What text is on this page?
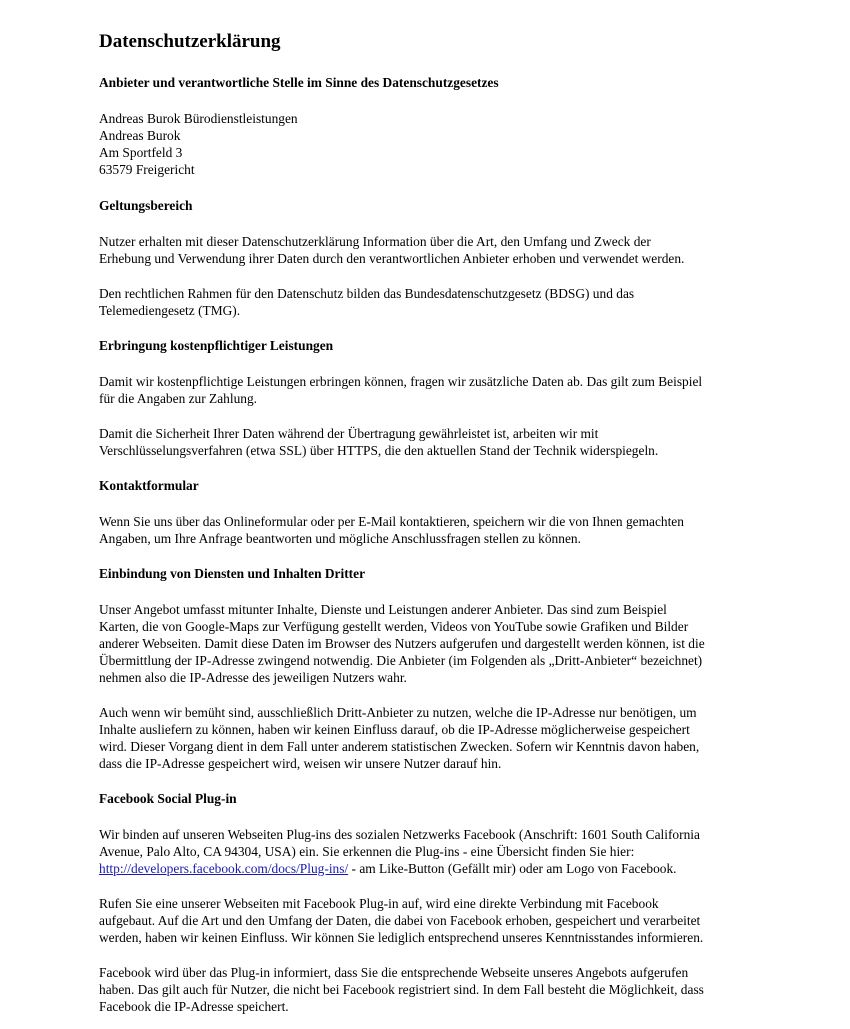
Datenschutzerklärung
Anbieter und verantwortliche Stelle im Sinne des Datenschutzgesetzes
Andreas Burok Bürodienstleistungen
Andreas Burok
Am Sportfeld 3
63579 Freigericht
Geltungsbereich

Nutzer erhalten mit dieser Datenschutzerklärung Information über die Art, den Umfang und Zweck der
Erhebung und Verwendung ihrer Daten durch den verantwortlichen Anbieter erhoben und verwendet werden.

Den rechtlichen Rahmen für den Datenschutz bilden das Bundesdatenschutzgesetz (BDSG) und das
Telemediengesetz (TMG).

Erbringung kostenpflichtiger Leistungen

Damit wir kostenpflichtige Leistungen erbringen können, fragen wir zusätzliche Daten ab. Das gilt zum Beispiel
für die Angaben zur Zahlung.

Damit die Sicherheit Ihrer Daten während der Übertragung gewährleistet ist, arbeiten wir mit
Verschlüsselungsverfahren (etwa SSL) über HTTPS, die den aktuellen Stand der Technik widerspiegeln.

Kontaktformular

Wenn Sie uns über das Onlineformular oder per E-Mail kontaktieren, speichern wir die von Ihnen gemachten
Angaben, um Ihre Anfrage beantworten und mögliche Anschlussfragen stellen zu können.

Einbindung von Diensten und Inhalten Dritter

Unser Angebot umfasst mitunter Inhalte, Dienste und Leistungen anderer Anbieter. Das sind zum Beispiel
Karten, die von Google-Maps zur Verfügung gestellt werden, Videos von YouTube sowie Grafiken und Bilder
anderer Webseiten. Damit diese Daten im Browser des Nutzers aufgerufen und dargestellt werden können, ist die
Übermittlung der IP-Adresse zwingend notwendig. Die Anbieter (im Folgenden als „Dritt-Anbieter“ bezeichnet)
nehmen also die IP-Adresse des jeweiligen Nutzers wahr.

Auch wenn wir bemüht sind, ausschließlich Dritt-Anbieter zu nutzen, welche die IP-Adresse nur benötigen, um
Inhalte ausliefern zu können, haben wir keinen Einfluss darauf, ob die IP-Adresse möglicherweise gespeichert
wird. Dieser Vorgang dient in dem Fall unter anderem statistischen Zwecken. Sofern wir Kenntnis davon haben,
dass die IP-Adresse gespeichert wird, weisen wir unsere Nutzer darauf hin.

Facebook Social Plug-in

Wir binden auf unseren Webseiten Plug-ins des sozialen Netzwerks Facebook (Anschrift: 1601 South California
Avenue, Palo Alto, CA 94304, USA) ein. Sie erkennen die Plug-ins - eine Übersicht finden Sie hier:
http://developers.facebook.com/docs/Plug-ins/ - am Like-Button (Gefällt mir) oder am Logo von Facebook.

Rufen Sie eine unserer Webseiten mit Facebook Plug-in auf, wird eine direkte Verbindung mit Facebook
aufgebaut. Auf die Art und den Umfang der Daten, die dabei von Facebook erhoben, gespeichert und verarbeitet
werden, haben wir keinen Einfluss. Wir können Sie lediglich entsprechend unseres Kenntnisstandes informieren.

Facebook wird über das Plug-in informiert, dass Sie die entsprechende Webseite unseres Angebots aufgerufen
haben. Das gilt auch für Nutzer, die nicht bei Facebook registriert sind. In dem Fall besteht die Möglichkeit, dass
Facebook die IP-Adresse speichert.
